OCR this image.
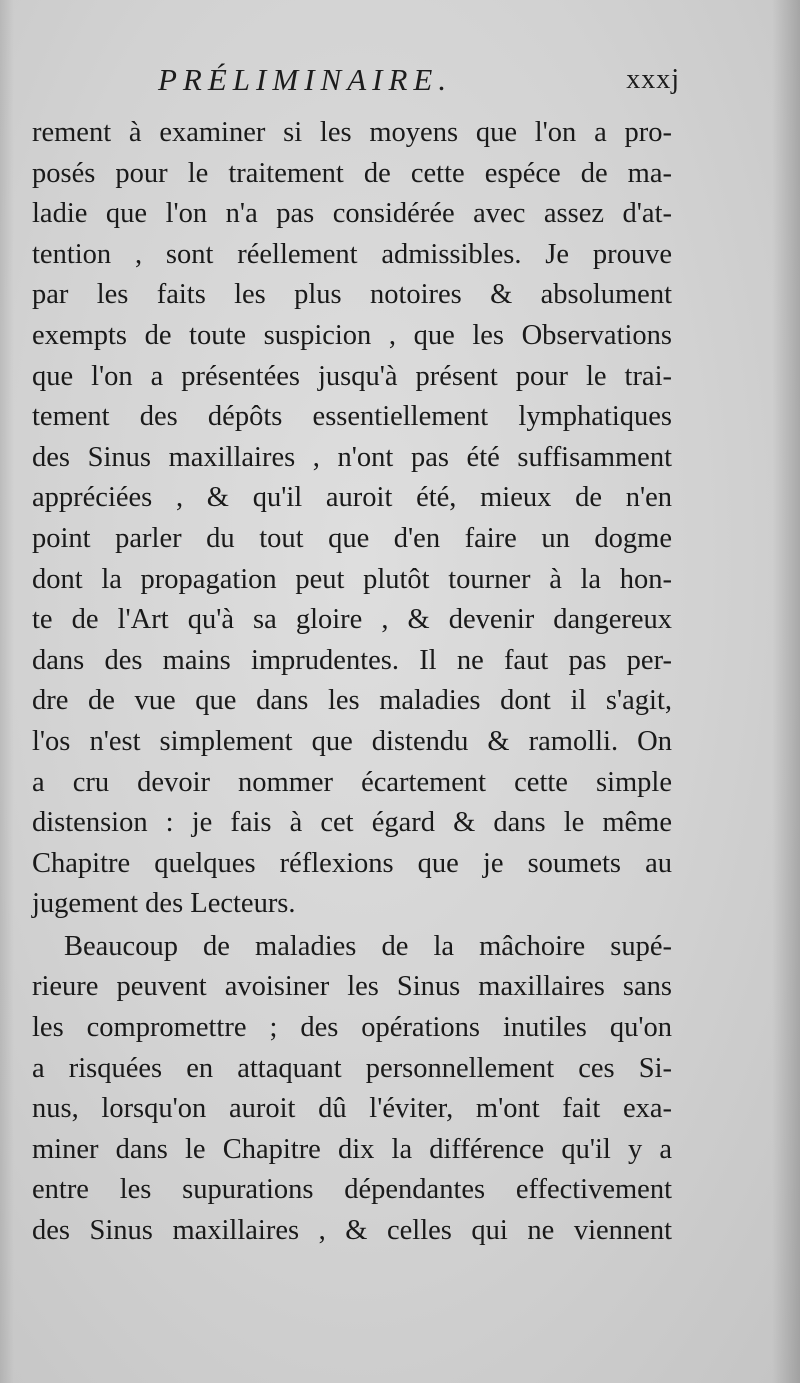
PRÉLIMINAIRE.	xxxj
rement à examiner si les moyens que l'on a pro-
posés pour le traitement de cette espéce de ma-
ladie que l'on n'a pas considérée avec assez d'at-
tention , sont réellement admissibles. Je prouve
par les faits les plus notoires & absolument
exempts de toute suspicion , que les Observations
que l'on a présentées jusqu'à présent pour le trai-
tement des dépôts essentiellement lymphatiques
des Sinus maxillaires , n'ont pas été suffisamment
appréciées , & qu'il auroit été, mieux de n'en
point parler du tout que d'en faire un dogme
dont la propagation peut plutôt tourner à la hon-
te de l'Art qu'à sa gloire , & devenir dangereux
dans des mains imprudentes. Il ne faut pas per-
dre de vue que dans les maladies dont il s'agit,
l'os n'est simplement que distendu & ramolli. On
a cru devoir nommer écartement cette simple
distension : je fais à cet égard & dans le même
Chapitre quelques réflexions que je soumets au
jugement des Lecteurs.
Beaucoup de maladies de la mâchoire supé-
rieure peuvent avoisiner les Sinus maxillaires sans
les compromettre ; des opérations inutiles qu'on
a risquées en attaquant personnellement ces Si-
nus, lorsqu'on auroit dû l'éviter, m'ont fait exa-
miner dans le Chapitre dix la différence qu'il y a
entre les supurations dépendantes effectivement
des Sinus maxillaires , & celles qui ne viennent
